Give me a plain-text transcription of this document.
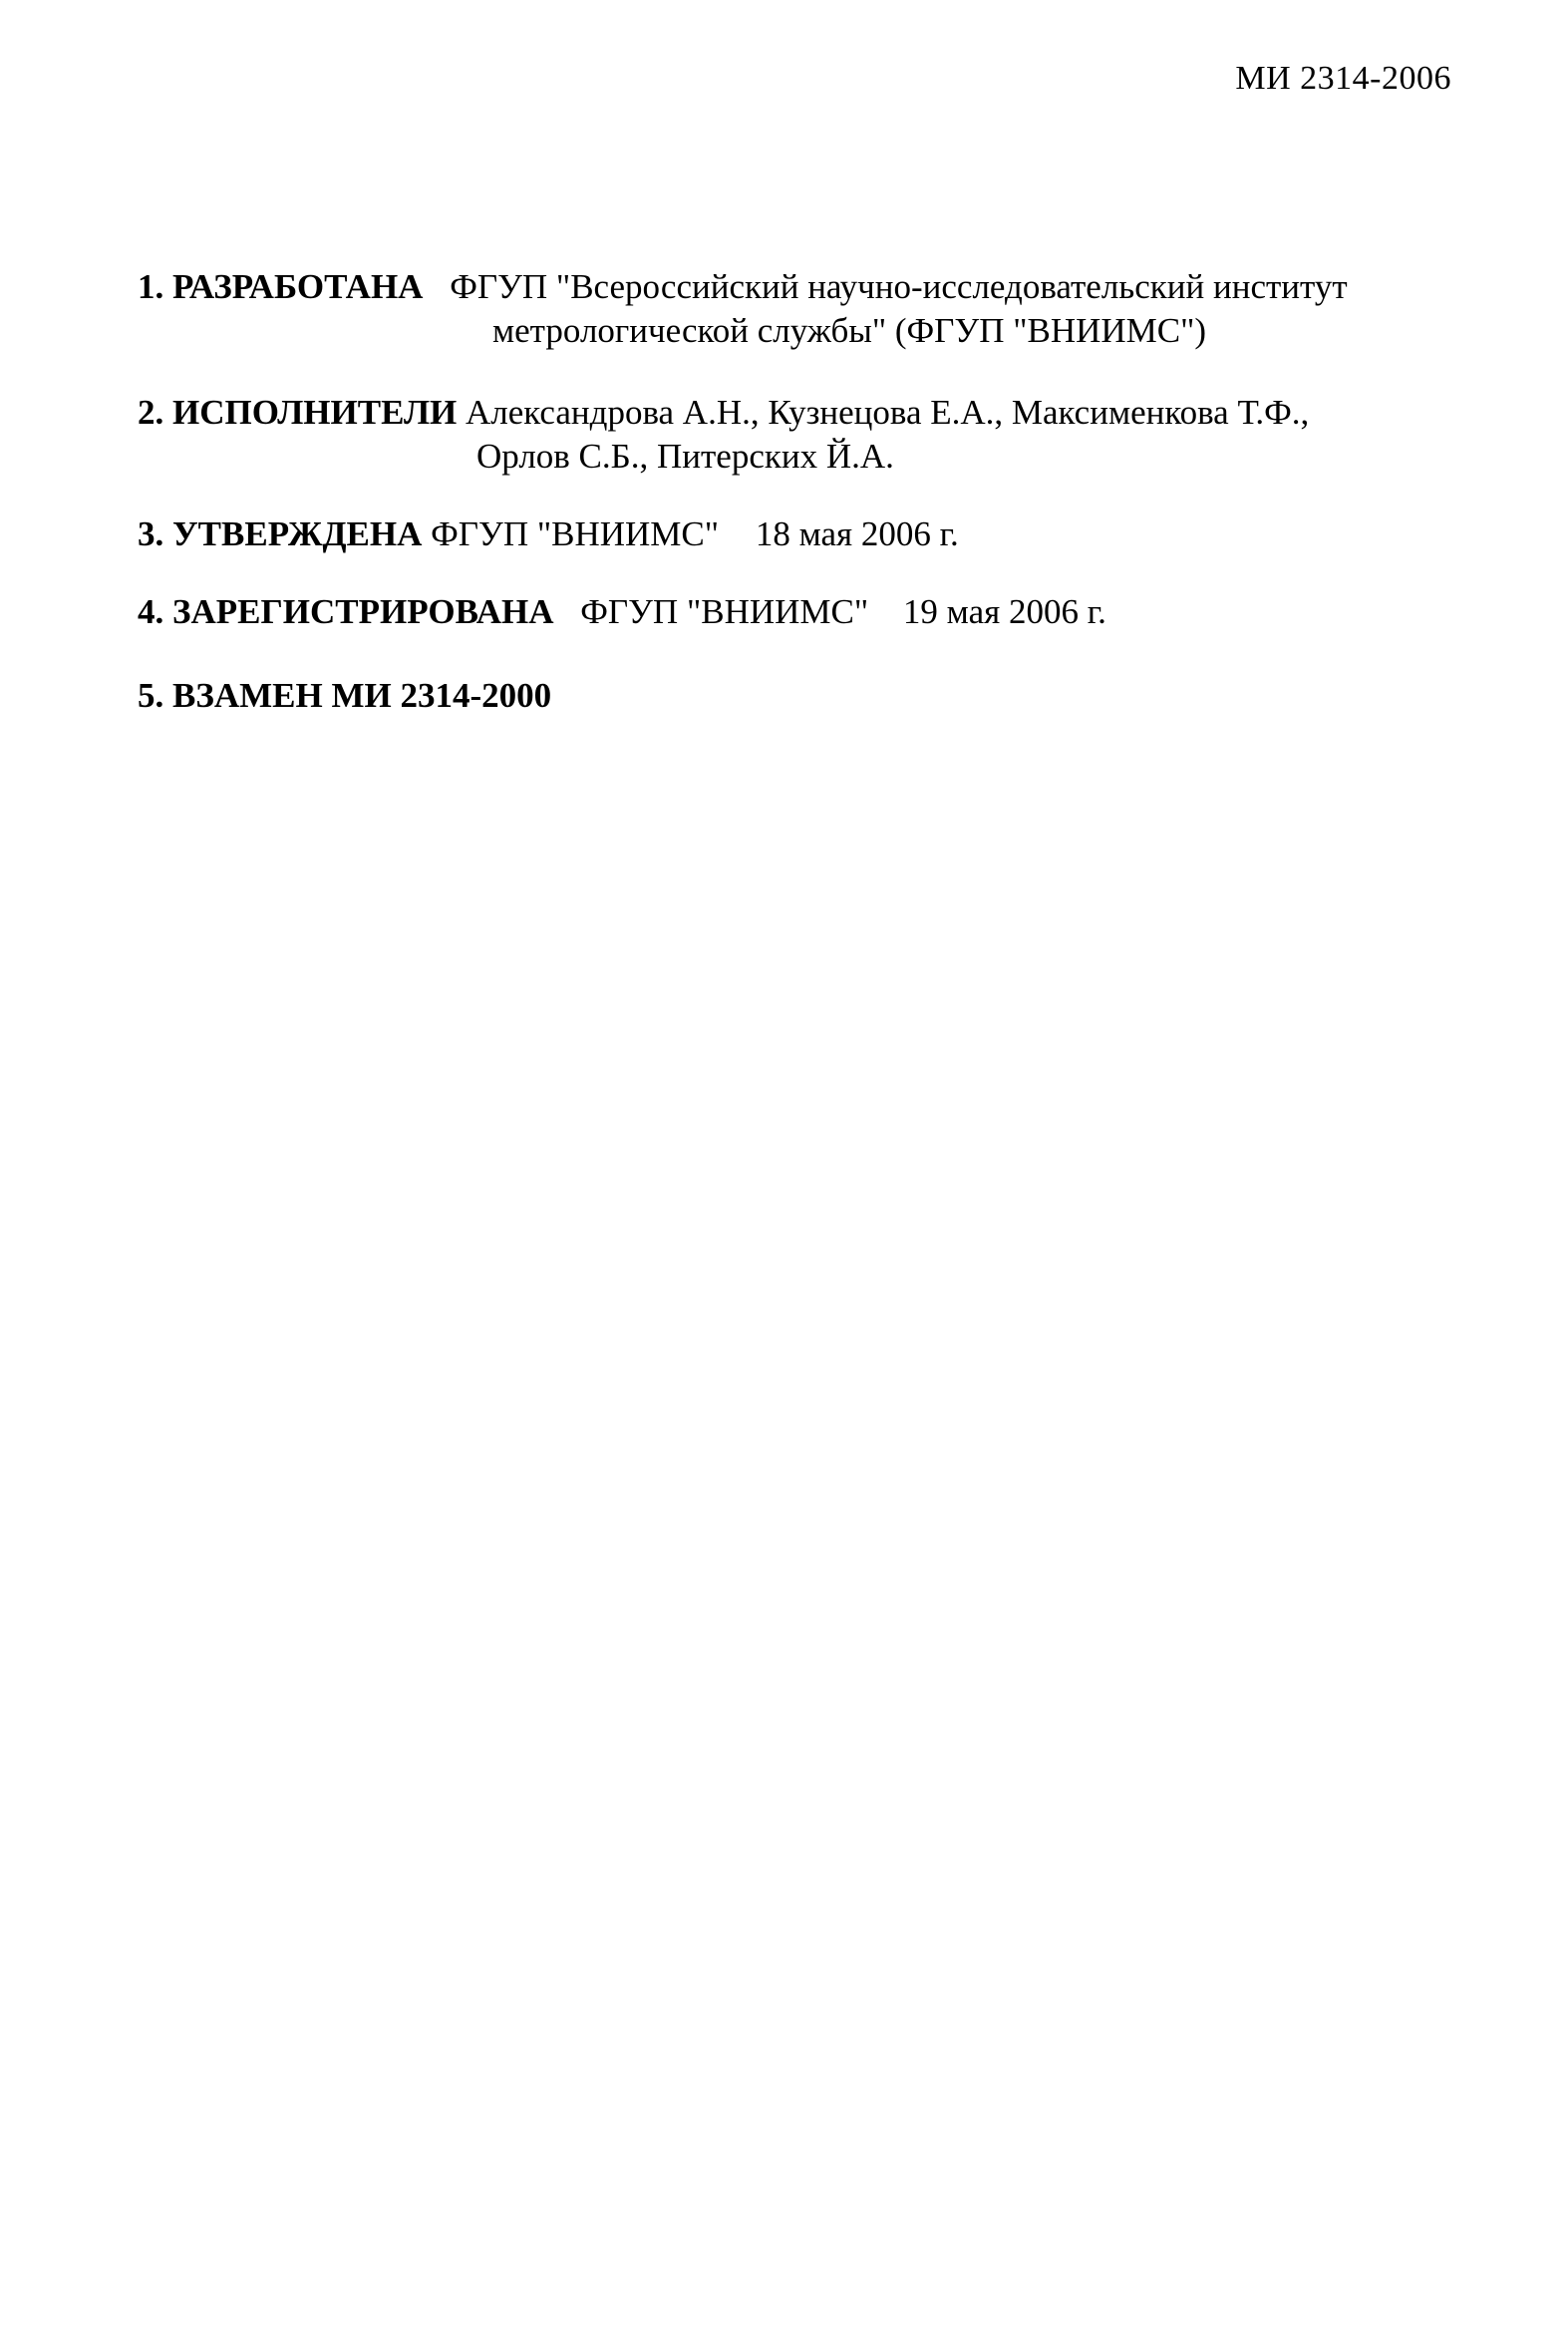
МИ 2314-2006
1. РАЗРАБОТАНА ФГУП "Всероссийский научно-исследовательский институт
метрологической службы" (ФГУП "ВНИИМС")
2. ИСПОЛНИТЕЛИ Александрова А.Н., Кузнецова Е.А., Максименкова Т.Ф.,
Орлов С.Б., Питерских Й.А.
3. УТВЕРЖДЕНА ФГУП "ВНИИМС" 18 мая 2006 г.
4. ЗАРЕГИСТРИРОВАНА ФГУП "ВНИИМС" 19 мая 2006 г.
5. ВЗАМЕН МИ 2314-2000
